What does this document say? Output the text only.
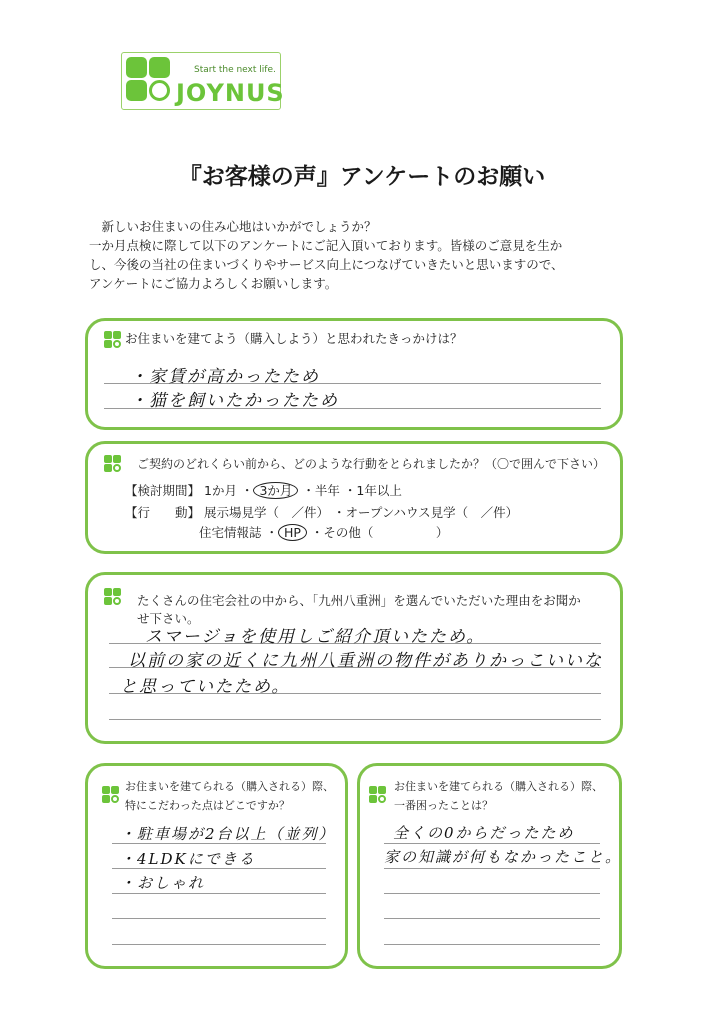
Start the next life.
JOYNUS
『お客様の声』アンケートのお願い

新しいお住まいの住み心地はいかがでしょうか？

一か月点検に際して以下のアンケートにご記入頂いております。皆様のご意見を生か

し、今後の当社の住まいづくりやサービス向上につなげていきたいと思いますので、

アンケートにご協力よろしくお願いします。

お住まいを建てよう（購入しよう）と思われたきっかけは？
・家賃が高かったため
・猫を飼いたかったため
ご契約のどれくらい前から、どのような行動をとられましたか？（〇で囲んで下さい）
【検討期間】 1か月 ・ 3か月 ・半年 ・1年以上
【行　　動】 展示場見学（　／件） ・オープンハウス見学（　／件）
住宅情報誌 ・ HP ・その他（　　　　　）
たくさんの住宅会社の中から、「九州八重洲」を選んでいただいた理由をお聞か
せ下さい。
スマージョを使用しご紹介頂いたため。
以前の家の近くに九州八重洲の物件がありかっこいいな
と思っていたため。
お住まいを建てられる（購入される）際、
特にこだわった点はどこですか？
・駐車場が2台以上（並列）
・4LDKにできる
・おしゃれ
お住まいを建てられる（購入される）際、
一番困ったことは？
全くの0からだったため
家の知識が何もなかったこと。
